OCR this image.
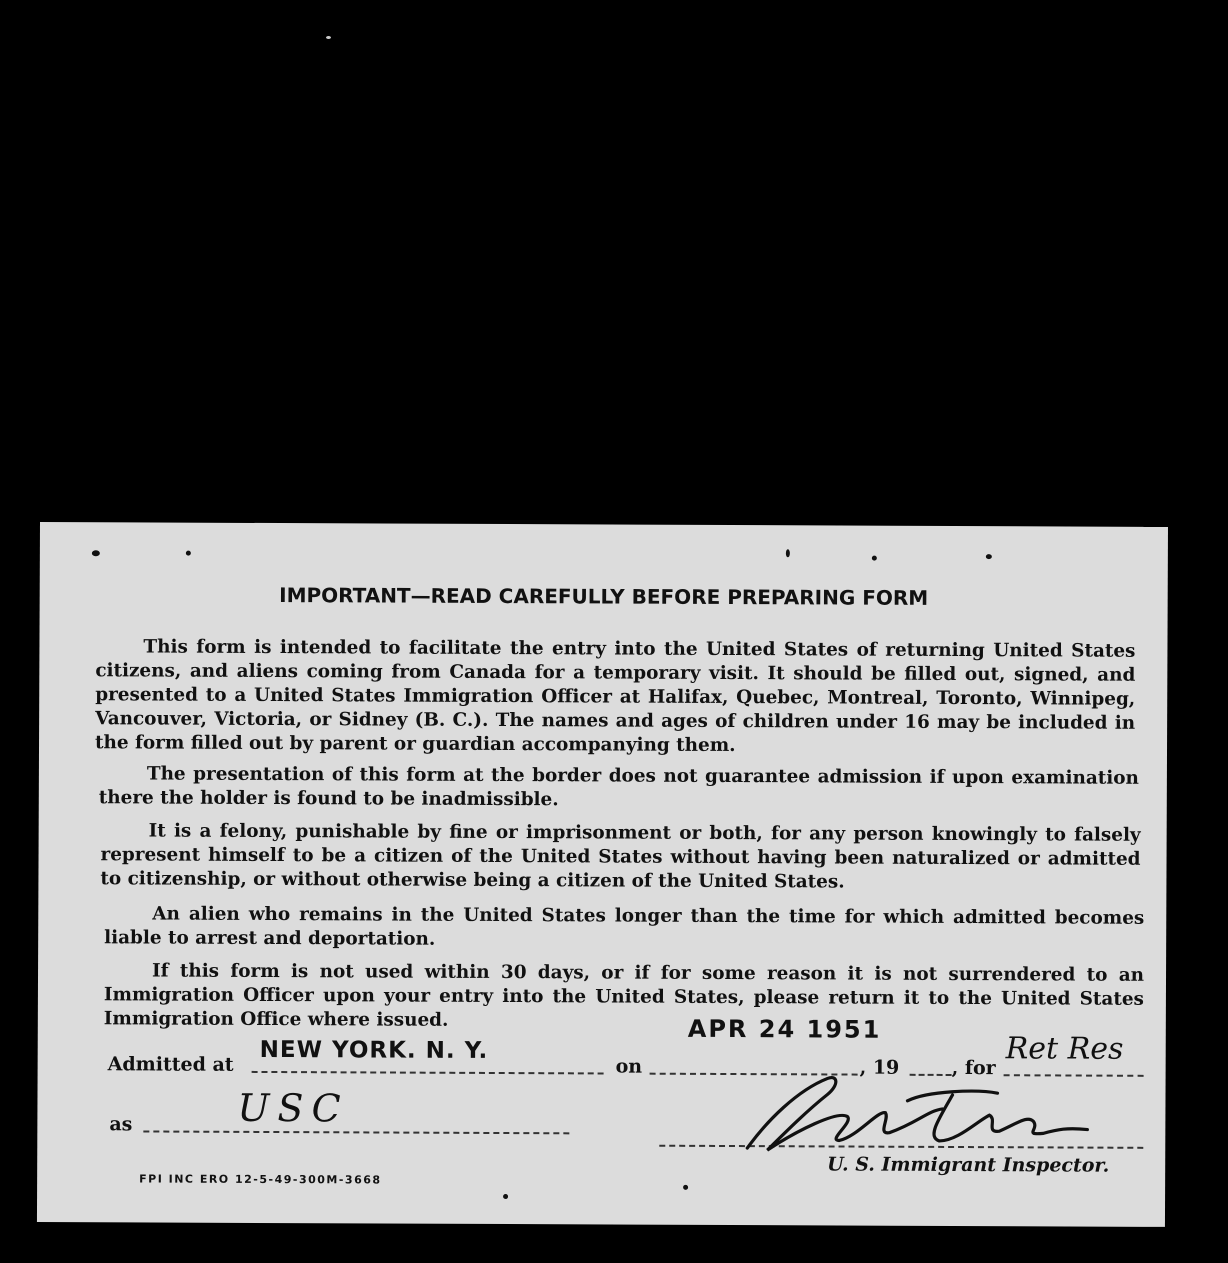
IMPORTANT—READ CAREFULLY BEFORE PREPARING FORM
This form is intended to facilitate the entry into the United States of returning United States citizens, and aliens coming from Canada for a temporary visit. It should be filled out, signed, and presented to a United States Immigration Officer at Halifax, Quebec, Montreal, Toronto, Winnipeg, Vancouver, Victoria, or Sidney (B. C.). The names and ages of children under 16 may be included in the form filled out by parent or guardian accompanying them.
The presentation of this form at the border does not guarantee admission if upon examination there the holder is found to be inadmissible.
It is a felony, punishable by fine or imprisonment or both, for any person knowingly to falsely represent himself to be a citizen of the United States without having been naturalized or admitted to citizenship, or without otherwise being a citizen of the United States.
An alien who remains in the United States longer than the time for which admitted becomes liable to arrest and deportation.
If this form is not used within 30 days, or if for some reason it is not surrendered to an Immigration Officer upon your entry into the United States, please return it to the United States Immigration Office where issued.	APR 24 1951
Admitted at
NEW YORK. N. Y.
on	, 19	, for
Ret Res
as	USC
U. S. Immigrant Inspector.
FPI INC ERO 12-5-49-300M-3668
